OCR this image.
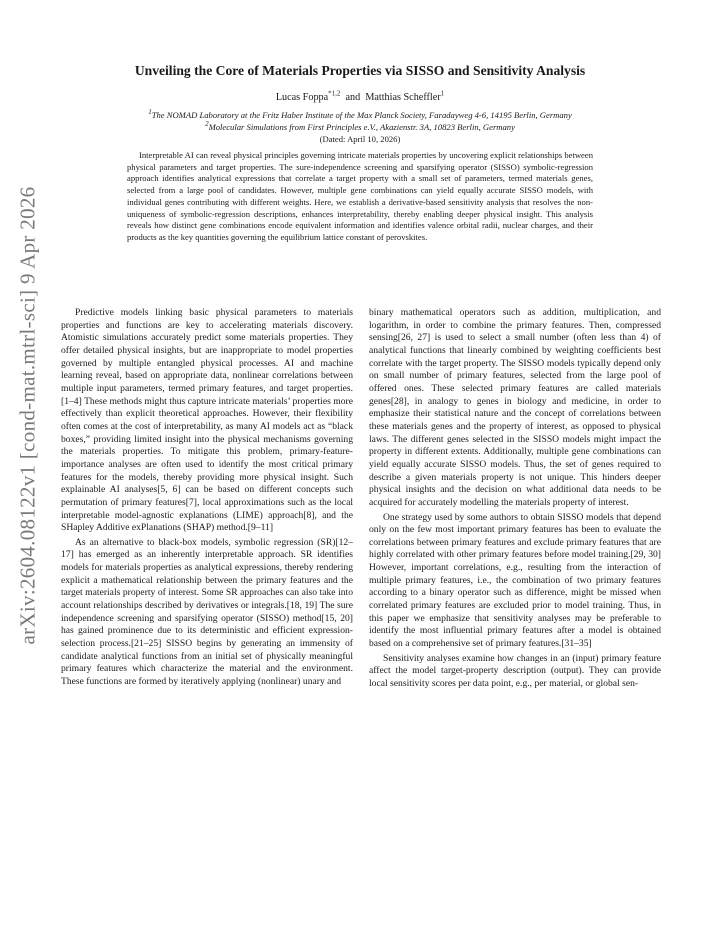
arXiv:2604.08122v1 [cond-mat.mtrl-sci] 9 Apr 2026
Unveiling the Core of Materials Properties via SISSO and Sensitivity Analysis
Lucas Foppa$^{*1,2}$ and Matthias Scheffler$^1$
$^1$The NOMAD Laboratory at the Fritz Haber Institute of the Max Planck Society, Faradayweg 4-6, 14195 Berlin, Germany
$^2$Molecular Simulations from First Principles e.V., Akazienstr. 3A, 10823 Berlin, Germany
(Dated: April 10, 2026)

Interpretable AI can reveal physical principles governing intricate materials properties by uncovering explicit relationships between physical parameters and target properties. The sure-independence screening and sparsifying operator (SISSO) symbolic-regression approach identifies analytical expressions that correlate a target property with a small set of parameters, termed materials genes, selected from a large pool of candidates. However, multiple gene combinations can yield equally accurate SISSO models, with individual genes contributing with different weights. Here, we establish a derivative-based sensitivity analysis that resolves the non-uniqueness of symbolic-regression descriptions, enhances interpretability, thereby enabling deeper physical insight. This analysis reveals how distinct gene combinations encode equivalent information and identifies valence orbital radii, nuclear charges, and their products as the key quantities governing the equilibrium lattice constant of perovskites.

Predictive models linking basic physical parameters to materials properties and functions are key to accelerating materials discovery. Atomistic simulations accurately predict some materials properties. They offer detailed physical insights, but are inappropriate to model properties governed by multiple entangled physical processes. AI and machine learning reveal, based on appropriate data, nonlinear correlations between multiple input parameters, termed primary features, and target properties.[1–4] These methods might thus capture intricate materials’ properties more effectively than explicit theoretical approaches. However, their flexibility often comes at the cost of interpretability, as many AI models act as “black boxes,” providing limited insight into the physical mechanisms governing the materials properties. To mitigate this problem, primary-feature-importance analyses are often used to identify the most critical primary features for the models, thereby providing more physical insight. Such explainable AI analyses[5, 6] can be based on different concepts such permutation of primary features[7], local approximations such as the local interpretable model-agnostic explanations (LIME) approach[8], and the SHapley Additive exPlanations (SHAP) method.[9–11]

As an alternative to black-box models, symbolic regression (SR)[12–17] has emerged as an inherently interpretable approach. SR identifies models for materials properties as analytical expressions, thereby rendering explicit a mathematical relationship between the primary features and the target materials property of interest. Some SR approaches can also take into account relationships described by derivatives or integrals.[18, 19] The sure independence screening and sparsifying operator (SISSO) method[15, 20] has gained prominence due to its deterministic and efficient expression-selection process.[21–25] SISSO begins by generating an immensity of candidate analytical functions from an initial set of physically meaningful primary features which characterize the material and the environment. These functions are formed by iteratively applying (nonlinear) unary and

binary mathematical operators such as addition, multiplication, and logarithm, in order to combine the primary features. Then, compressed sensing[26, 27] is used to select a small number (often less than 4) of analytical functions that linearly combined by weighting coefficients best correlate with the target property. The SISSO models typically depend only on small number of primary features, selected from the large pool of offered ones. These selected primary features are called materials genes[28], in analogy to genes in biology and medicine, in order to emphasize their statistical nature and the concept of correlations between these materials genes and the property of interest, as opposed to physical laws. The different genes selected in the SISSO models might impact the property in different extents. Additionally, multiple gene combinations can yield equally accurate SISSO models. Thus, the set of genes required to describe a given materials property is not unique. This hinders deeper physical insights and the decision on what additional data needs to be acquired for accurately modelling the materials property of interest.

One strategy used by some authors to obtain SISSO models that depend only on the few most important primary features has been to evaluate the correlations between primary features and exclude primary features that are highly correlated with other primary features before model training.[29, 30] However, important correlations, e.g., resulting from the interaction of multiple primary features, i.e., the combination of two primary features according to a binary operator such as difference, might be missed when correlated primary features are excluded prior to model training. Thus, in this paper we emphasize that sensitivity analyses may be preferable to identify the most influential primary features after a model is obtained based on a comprehensive set of primary features.[31–35]

Sensitivity analyses examine how changes in an (input) primary feature affect the model target-property description (output). They can provide local sensitivity scores per data point, e.g., per material, or global sen-
